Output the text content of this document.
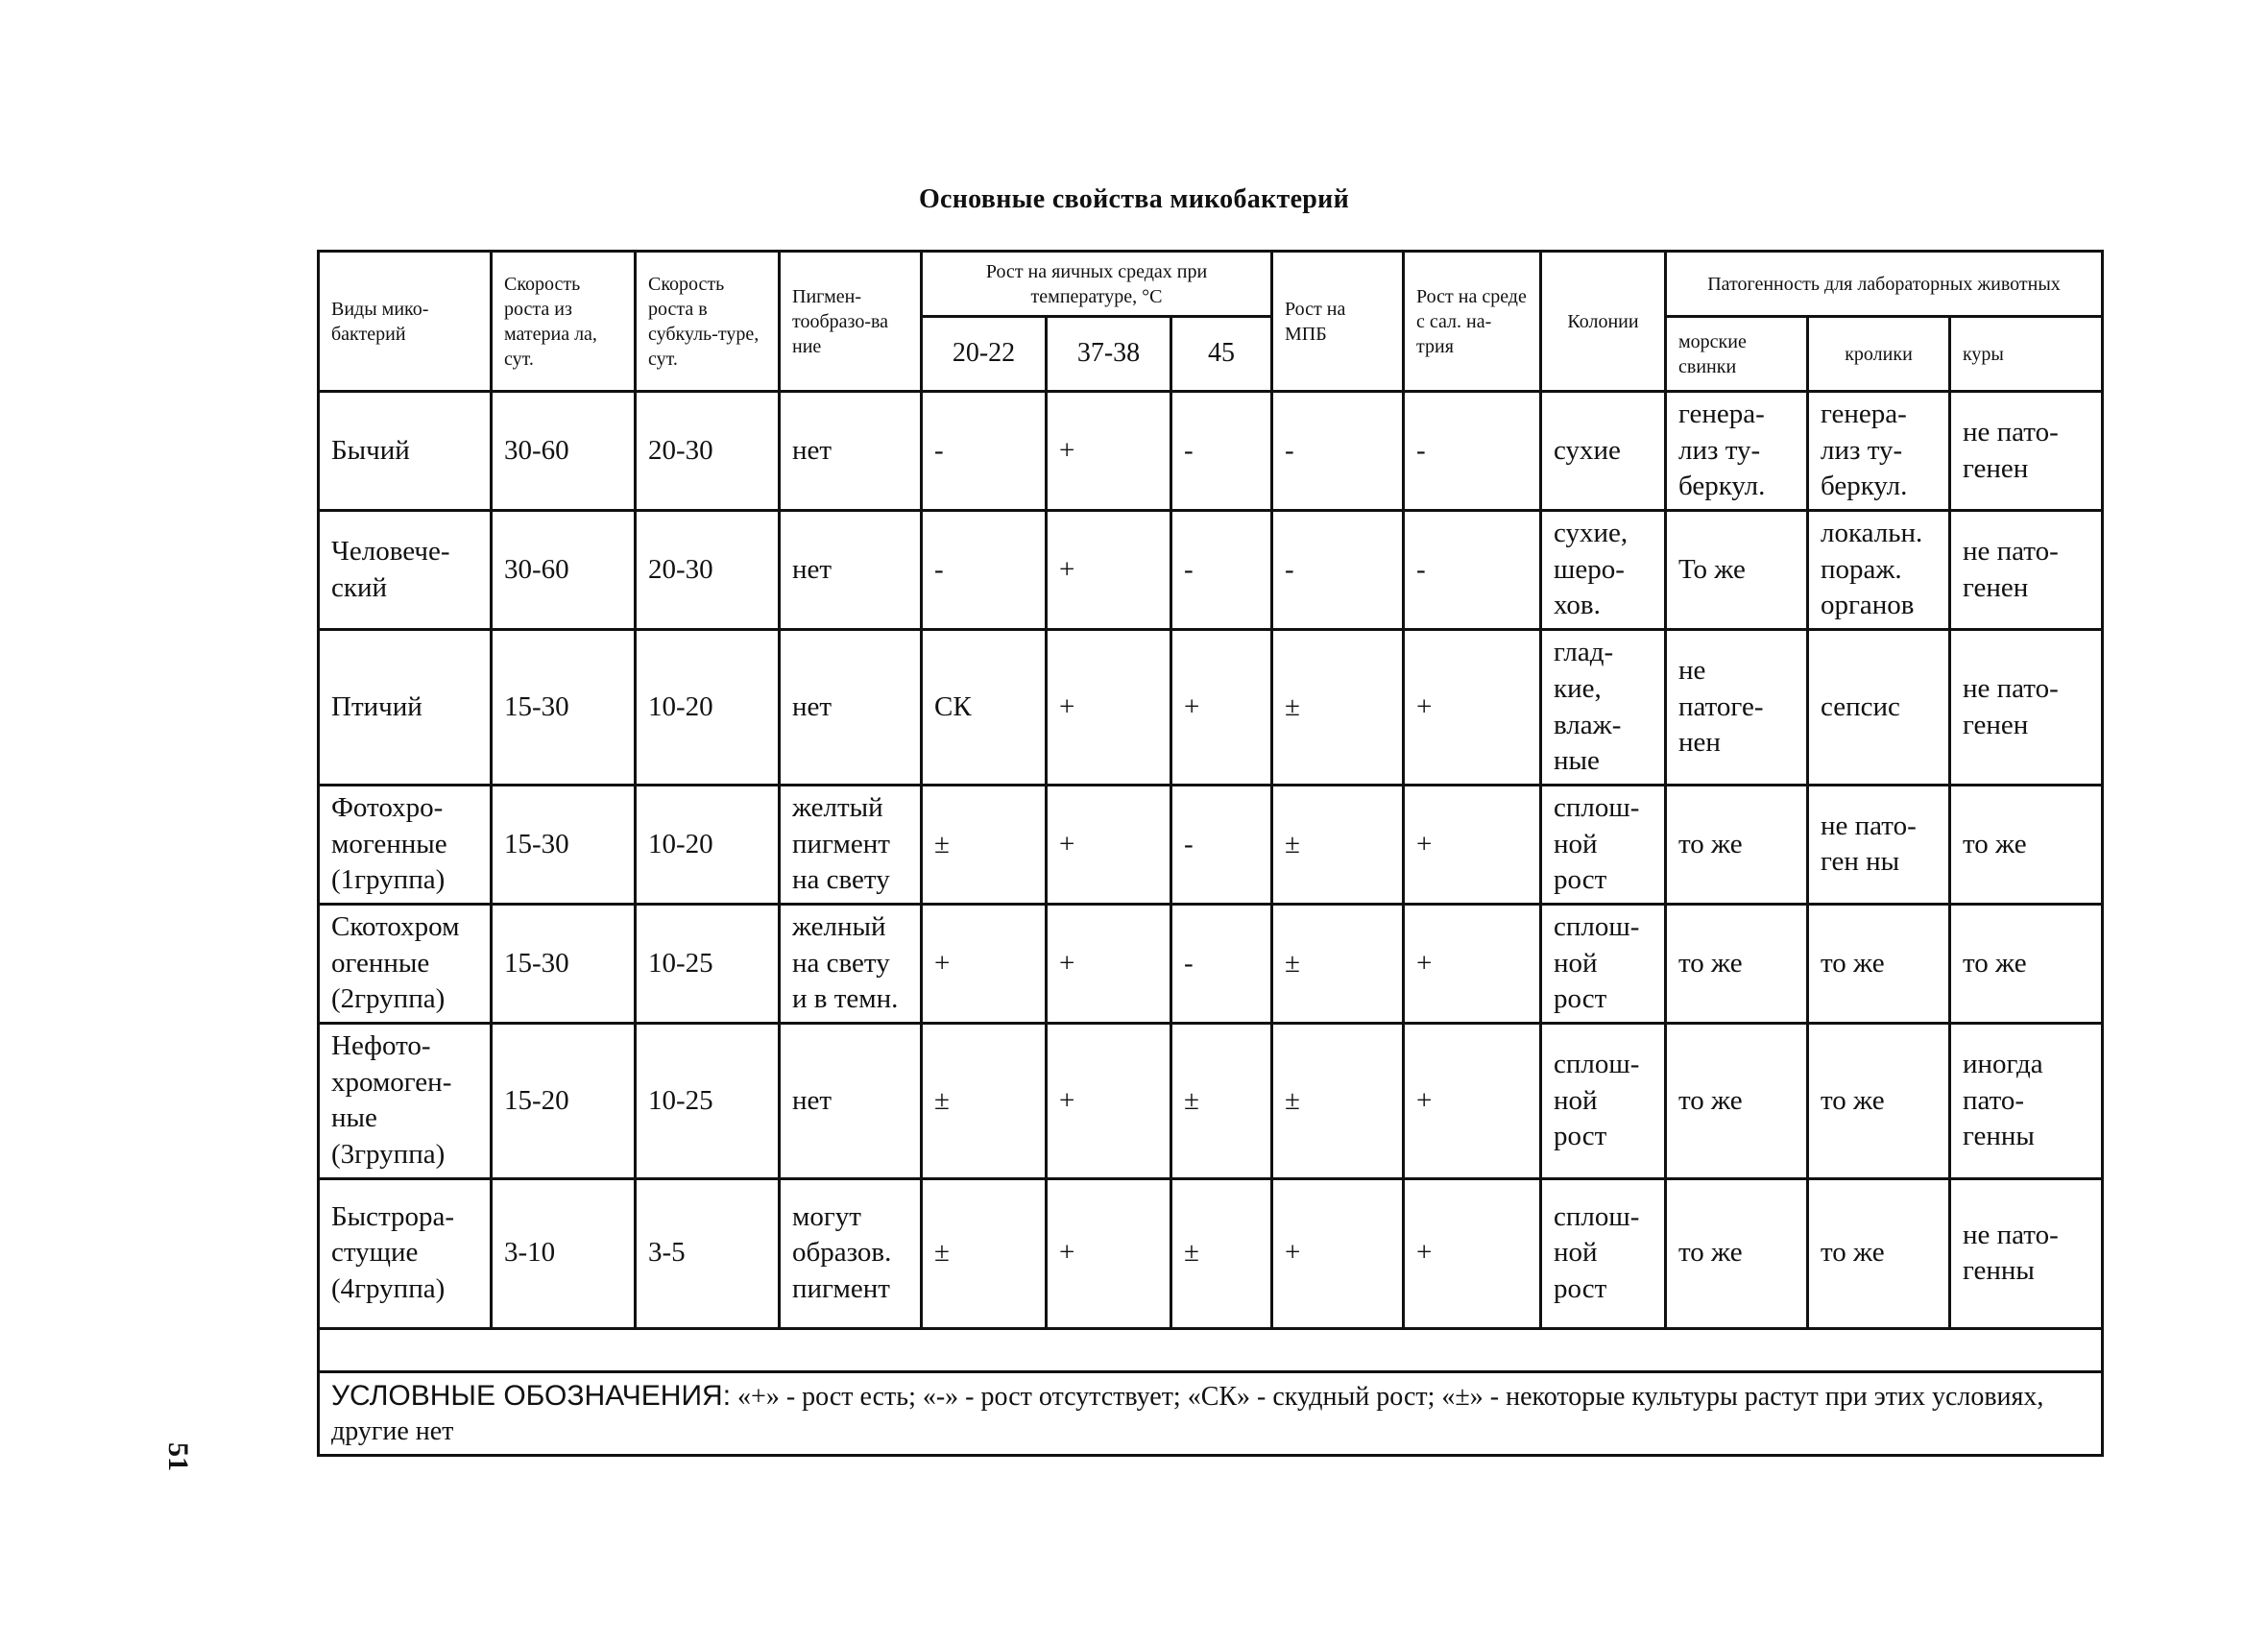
Основные свойства микобактерий
51
Виды мико-бактерий	Скорость роста из материа ла, сут.	Скорость роста в субкуль-туре, сут.	Пигмен-тообразо-ва ние	Рост на яичных средах при температуре, °С			Рост на МПБ	Рост на среде с сал. на-трия	Колонии	Патогенность для лабораторных животных		
				20-22	37-38	45				морские свинки	кролики	куры
Бычий	30-60	20-30	нет	-	+	-	-	-	сухие	генера-лиз ту-беркул.	генера-лиз ту-беркул.	не пато-генен
Человече-ский	30-60	20-30	нет	-	+	-	-	-	сухие, шеро-хов.	То же	локальн. пораж. органов	не пато-генен
Птичий	15-30	10-20	нет	СК	+	+	±	+	глад-кие, влаж-ные	не патоге-нен	сепсис	не пато-генен
Фотохро-могенные (1группа)	15-30	10-20	желтый пигмент на свету	±	+	-	±	+	сплош-ной рост	то же	не пато-ген ны	то же
Скотохром огенные (2группа)	15-30	10-25	желный на свету и в темн.	+	+	-	±	+	сплош-ной рост	то же	то же	то же
Нефото-хромоген-ные (3группа)	15-20	10-25	нет	±	+	±	±	+	сплош-ной рост	то же	то же	иногда пато-генны
Быстрора-стущие (4группа)	3-10	3-5	могут образов. пигмент	±	+	±	+	+	сплош-ной рост	то же	то же	не пато-генны

УСЛОВНЫЕ ОБОЗНАЧЕНИЯ: «+» - рост есть; «-» - рост отсутствует; «СК» - скудный рост; «±» - некоторые культуры растут при этих условиях, другие нет												
